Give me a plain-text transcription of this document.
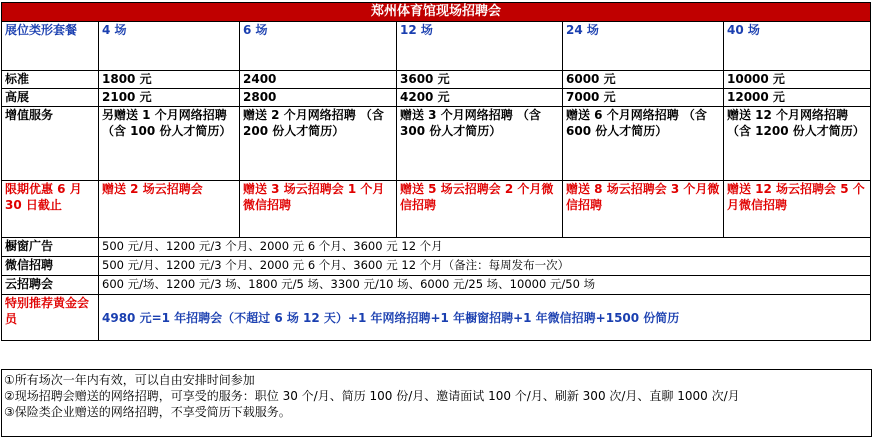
郑州体育馆现场招聘会					
展位类形套餐	4 场	6 场	12 场	24 场	40 场
标准	1800 元	2400	3600 元	6000 元	10000 元
高展	2100 元	2800	4200 元	7000 元	12000 元
增值服务	另赠送 1 个月网络招聘 （含 100 份人才简历）	赠送 2 个月网络招聘 （含 200 份人才简历）	赠送 3 个月网络招聘 （含 300 份人才简历）	赠送 6 个月网络招聘 （含 600 份人才简历）	赠送 12 个月网络招聘 （含 1200 份人才简历）
限期优惠 6 月 30 日截止	赠送 2 场云招聘会	赠送 3 场云招聘会 1 个月微信招聘	赠送 5 场云招聘会 2 个月微信招聘	赠送 8 场云招聘会 3 个月微信招聘	赠送 12 场云招聘会 5 个月微信招聘
橱窗广告	500 元/月、1200 元/3 个月、2000 元 6 个月、3600 元 12 个月				
微信招聘	500 元/月、1200 元/3 个月、2000 元 6 个月、3600 元 12 个月（备注：每周发布一次）				
云招聘会	600 元/场、1200 元/3 场、1800 元/5 场、3300 元/10 场、6000 元/25 场、10000 元/50 场				
特别推荐黄金会员	4980 元=1 年招聘会（不超过 6 场 12 天）+1 年网络招聘+1 年橱窗招聘+1 年微信招聘+1500 份简历				
①所有场次一年内有效，可以自由安排时间参加
②现场招聘会赠送的网络招聘，可享受的服务：职位 30 个/月、简历 100 份/月、邀请面试 100 个/月、刷新 300 次/月、直聊 1000 次/月
③保险类企业赠送的网络招聘，不享受简历下载服务。
